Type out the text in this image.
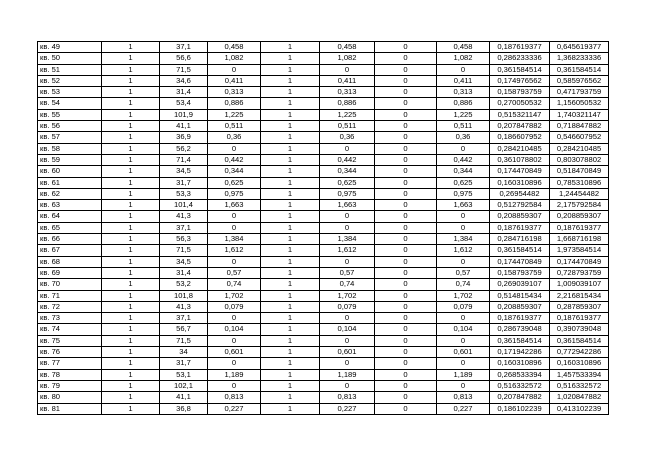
кв. 49	1	37,1	0,458	1	0,458	0	0,458	0,187619377	0,645619377
кв. 50	1	56,6	1,082	1	1,082	0	1,082	0,286233336	1,368233336
кв. 51	1	71,5	0	1	0	0	0	0,361584514	0,361584514
кв. 52	1	34,6	0,411	1	0,411	0	0,411	0,174976562	0,585976562
кв. 53	1	31,4	0,313	1	0,313	0	0,313	0,158793759	0,471793759
кв. 54	1	53,4	0,886	1	0,886	0	0,886	0,270050532	1,156050532
кв. 55	1	101,9	1,225	1	1,225	0	1,225	0,515321147	1,740321147
кв. 56	1	41,1	0,511	1	0,511	0	0,511	0,207847882	0,718847882
кв. 57	1	36,9	0,36	1	0,36	0	0,36	0,186607952	0,546607952
кв. 58	1	56,2	0	1	0	0	0	0,284210485	0,284210485
кв. 59	1	71,4	0,442	1	0,442	0	0,442	0,361078802	0,803078802
кв. 60	1	34,5	0,344	1	0,344	0	0,344	0,174470849	0,518470849
кв. 61	1	31,7	0,625	1	0,625	0	0,625	0,160310896	0,785310896
кв. 62	1	53,3	0,975	1	0,975	0	0,975	0,26954482	1,24454482
кв. 63	1	101,4	1,663	1	1,663	0	1,663	0,512792584	2,175792584
кв. 64	1	41,3	0	1	0	0	0	0,208859307	0,208859307
кв. 65	1	37,1	0	1	0	0	0	0,187619377	0,187619377
кв. 66	1	56,3	1,384	1	1,384	0	1,384	0,284716198	1,668716198
кв. 67	1	71,5	1,612	1	1,612	0	1,612	0,361584514	1,973584514
кв. 68	1	34,5	0	1	0	0	0	0,174470849	0,174470849
кв. 69	1	31,4	0,57	1	0,57	0	0,57	0,158793759	0,728793759
кв. 70	1	53,2	0,74	1	0,74	0	0,74	0,269039107	1,009039107
кв. 71	1	101,8	1,702	1	1,702	0	1,702	0,514815434	2,216815434
кв. 72	1	41,3	0,079	1	0,079	0	0,079	0,208859307	0,287859307
кв. 73	1	37,1	0	1	0	0	0	0,187619377	0,187619377
кв. 74	1	56,7	0,104	1	0,104	0	0,104	0,286739048	0,390739048
кв. 75	1	71,5	0	1	0	0	0	0,361584514	0,361584514
кв. 76	1	34	0,601	1	0,601	0	0,601	0,171942286	0,772942286
кв. 77	1	31,7	0	1	0	0	0	0,160310896	0,160310896
кв. 78	1	53,1	1,189	1	1,189	0	1,189	0,268533394	1,457533394
кв. 79	1	102,1	0	1	0	0	0	0,516332572	0,516332572
кв. 80	1	41,1	0,813	1	0,813	0	0,813	0,207847882	1,020847882
кв. 81	1	36,8	0,227	1	0,227	0	0,227	0,186102239	0,413102239
